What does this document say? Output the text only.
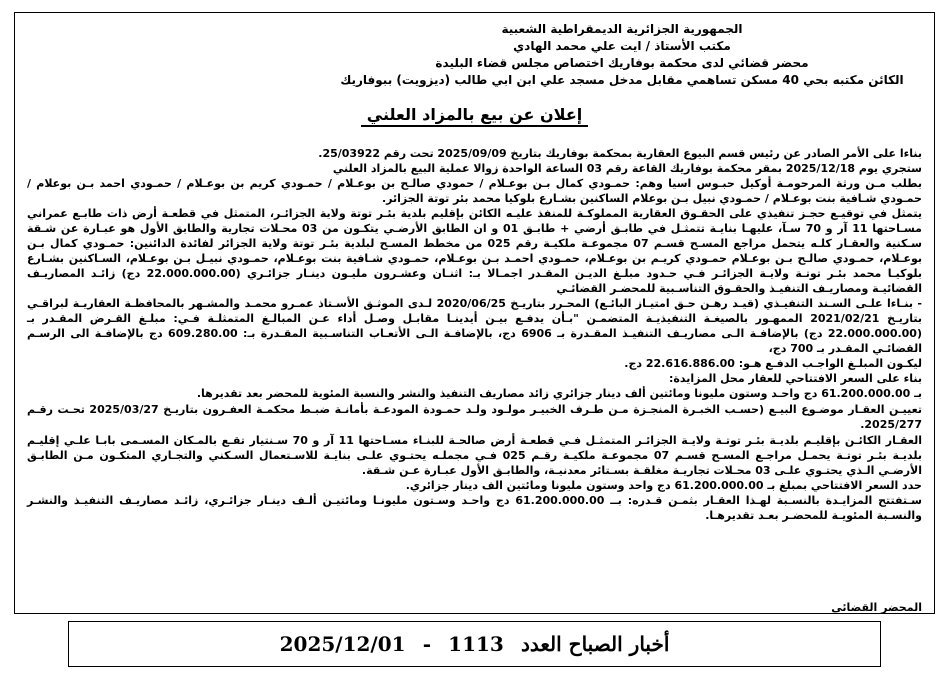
الجمهورية الجزائرية الديمقراطية الشعبية
مكتب الأستاذ / ايت علي محمد الهادي
محضر قضائي لدى محكمة بوفاريك اختصاص مجلس قضاء البليدة
الكائن مكتبه بحي 40 مسكن تساهمي مقابل مدخل مسجد علي ابن ابي طالب (ديزويت) ببوفاريك
إعلان عن بيع بالمزاد العلني

بناءا على الأمر الصادر عن رئيس قسم البيوع العقارية بمحكمة بوفاريك بتاريخ 2025/09/09 تحت رقم 25/03922.

ستجري يوم 2025/12/18 بمقر محكمة بوفاريك القاعة رقم 03 الساعة الواحدة زوالا عملية البيع بالمزاد العلني

بطلب مـن ورثة المرحومـة أوكيل حبـوس اسيا وهم: حمـودي كمال بـن بوعـلام / حمودي صالـح بن بوعـلام / حمـودي كريم بن بوعـلام / حمـودي احمد بـن بوعلام / حمـودي شـافية بنت بوعـلام / حمـودي نبيل بـن بوعلام الساكنين بشـارع بلوكيا محمد بئر توتة الجزائر.

يتمثل في توقيـع حجـز تنفيذي على الحقـوق العقارية المملوكـة للمنفذ عليـه الكائن بإقليم بلدية بئـر توتة ولاية الجزائـر، المتمثل في قطعـة أرض ذات طابـع عمراني مسـاحتها 11 آر و 70 سـآ، عليهـا بنايـة تتمثـل في طابـق أرضي + طابـق 01 و ان الطابق الأرضـي يتكـون من 03 محـلات تجارية والطابق الأول هو عبـارة عن شـقة سـكنية والعقـار كلـه يتحمل مراجع المسـح قسـم 07 مجموعـة ملكيـة رقم 025 من مخطط المسـح لبلدية بئـر توتة ولاية الجزائر لفائدة الدائنين: حمـودي كمال بـن بوعـلام، حمـودي صالـح بـن بوعـلام حمـودي كريـم بن بوعـلام، حمـودي احمـد بـن بوعـلام، حمـودي شـافية بنت بوعـلام، حمـودي نبيـل بـن بوعـلام، السـاكنين بشـارع بلوكيـا محمد بئـر توتـة ولايـة الجزائـر فـي حـدود مبلـغ الديـن المقـدر اجمـالا بـ: اثنـان وعشـرون مليـون دينـار جزائـري (22.000.000.00 دج) زائـد المصاريـف القضائيـة ومصاريـف التنفيـذ والحقـوق التناسـبية للمحضـر القضائـي

- بنـاءا علـى السـند التنفيـذي (قيـد رهـن حـق امتيـاز البائـع) المحـرر بتاريـخ 2020/06/25 لـدى الموثـق الأسـتاذ عمـرو محمـد والمشـهر بالمحافظـة العقاريـة لبراقـي بتاريـخ 2021/02/21 الممهـور بالصيغـة التنفيذيـة المتضمـن "بـأن يدفـع بيـن أيدينـا مقابـل وصـل أداء عـن المبالـغ المتمثلـة فـي: مبلـغ القـرض المقـدر بـ (22.000.000.00 دج) بالإضافـة الـى مصاريـف التنفيـذ المقـدرة بـ 6906 دج، بالإضافـة الـى الأتعـاب التناسـبية المقـدرة بـ: 609.280.00 دج بالإضافـة الى الرسـم القضائـي المقـدر بـ 700 دج،

ليكـون المبلـغ الواجـب الدفـع هـو: 22.616.886.00 دج.

بناء على السعر الافتتاحي للعقار محل المزايدة:

بـ 61.200.000.00 دج واحـد وستون مليونا ومائتين ألف دينار جزائري زائد مصاريف التنفيذ والنشر والنسبة المئوية للمحضر بعد تقديرها.

تعييـن العقـار موضـوع البيـع (حسـب الخبـرة المنجـزة مـن طـرف الخبيـر مولـود ولـد حمـودة المودعـة بأمانـة ضبـط محكمـة العفـرون بتاريـخ 2025/03/27 تحـت رقـم 2025/277.

العقـار الكائـن بإقليـم بلديـة بئـر توتـة ولايـة الجزائـر المتمثـل فـي قطعـة أرض صالحـة للبنـاء مسـاحتها 11 آر و 70 سـنتيار تقـع بالمـكان المسـمى بابـا علـي إقليـم بلديـة بئـر توتـة يحمـل مراجـع المسـح قسـم 07 مجموعـة ملكيـة رقـم 025 فـي مجملـه يحتـوي علـى بنايـة للاسـتعمال السـكني والتجـاري المتكـون مـن الطابـق الأرضـي الـذي يحتـوي علـى 03 محـلات تجاريـة مغلقـة بسـتائر معدنيـة، والطابـق الأول عبـارة عـن شـقة.

حدد السعر الافتتاحي بمبلغ بـ 61.200.000.00 دج واحد وستون مليونا ومائتين الف دينار جزائري.

سـتفتتح المزايـدة بالنسـبة لهـذا العقـار بثمـن قـدره: بــ 61.200.000.00 دج واحـد وسـتون مليونـا ومائتيـن ألـف دينـار جزائـري، زائـد مصاريـف التنفيـذ والنشـر والنسـبة المئويـة للمحضـر بعـد تقديرهـا.

المحضر القضائي
أخبار الصباح العدد   1113   -   2025/12/01
